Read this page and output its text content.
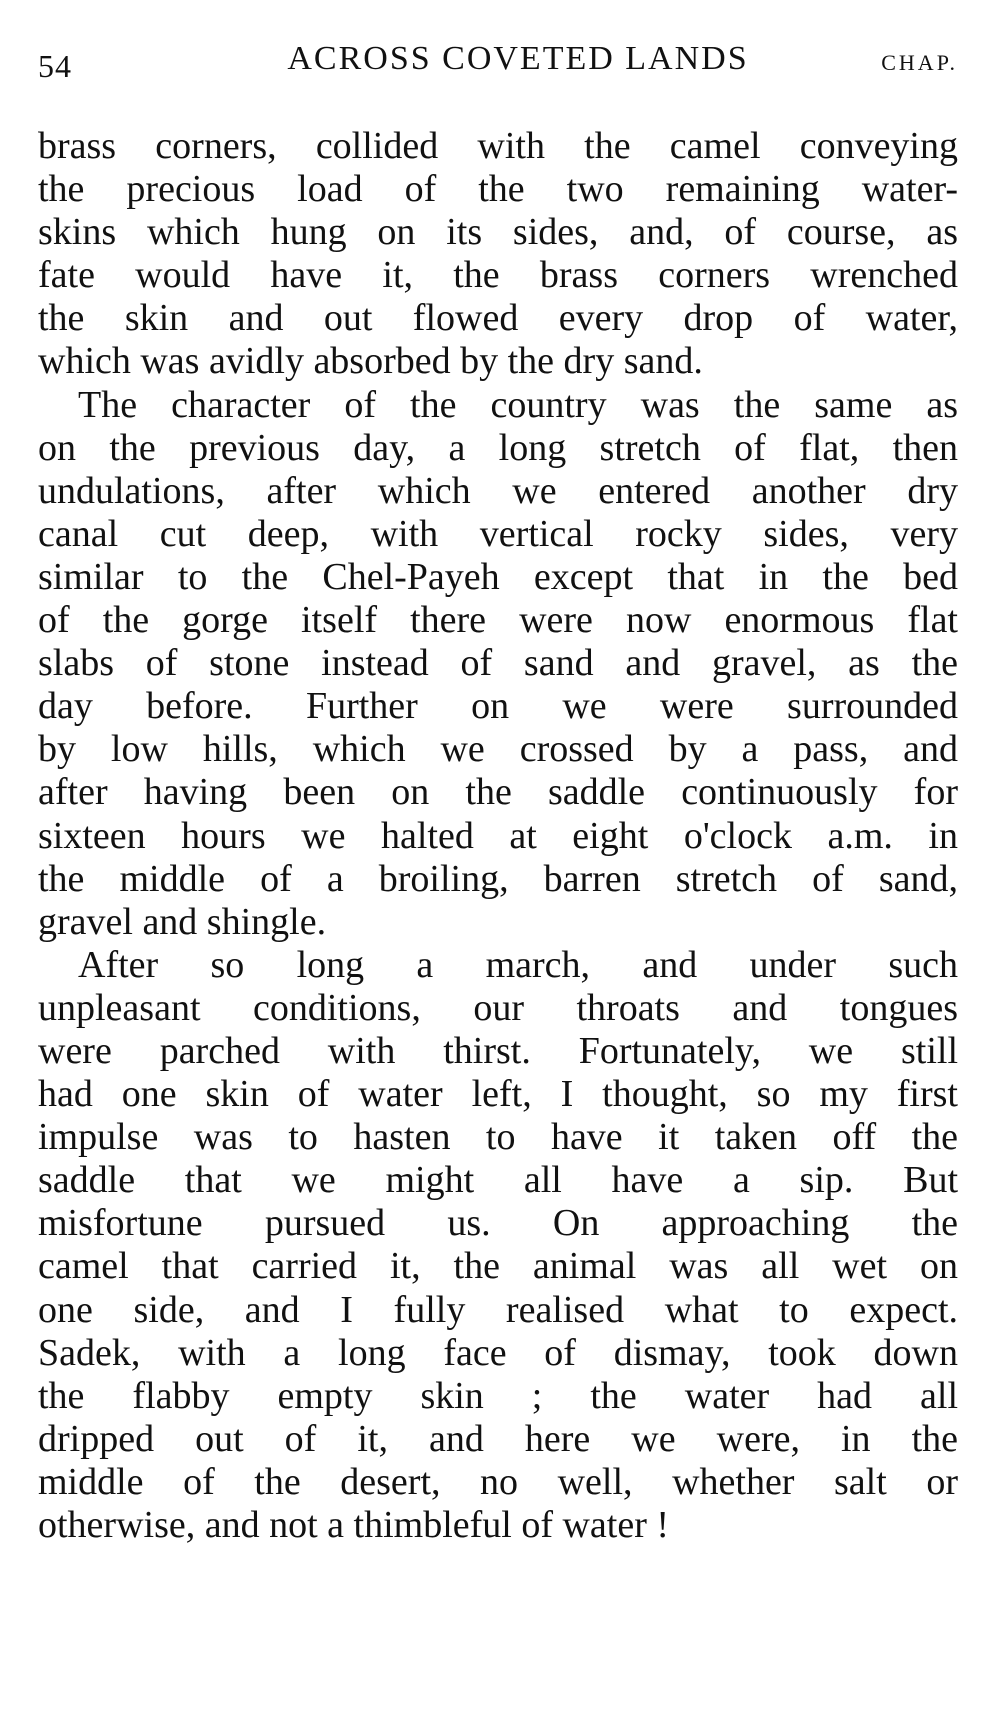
54	ACROSS COVETED LANDS	CHAP.
brass corners, collided with the camel conveying
the precious load of the two remaining water-
skins which hung on its sides, and, of course, as
fate would have it, the brass corners wrenched
the skin and out flowed every drop of water,
which was avidly absorbed by the dry sand.
The character of the country was the same as
on the previous day, a long stretch of flat, then
undulations, after which we entered another dry
canal cut deep, with vertical rocky sides, very
similar to the Chel-Payeh except that in the bed
of the gorge itself there were now enormous flat
slabs of stone instead of sand and gravel, as the
day before. Further on we were surrounded
by low hills, which we crossed by a pass, and
after having been on the saddle continuously for
sixteen hours we halted at eight o'clock a.m. in
the middle of a broiling, barren stretch of sand,
gravel and shingle.
After so long a march, and under such
unpleasant conditions, our throats and tongues
were parched with thirst. Fortunately, we still
had one skin of water left, I thought, so my first
impulse was to hasten to have it taken off the
saddle that we might all have a sip. But
misfortune pursued us. On approaching the
camel that carried it, the animal was all wet on
one side, and I fully realised what to expect.
Sadek, with a long face of dismay, took down
the flabby empty skin ; the water had all
dripped out of it, and here we were, in the
middle of the desert, no well, whether salt or
otherwise, and not a thimbleful of water !
